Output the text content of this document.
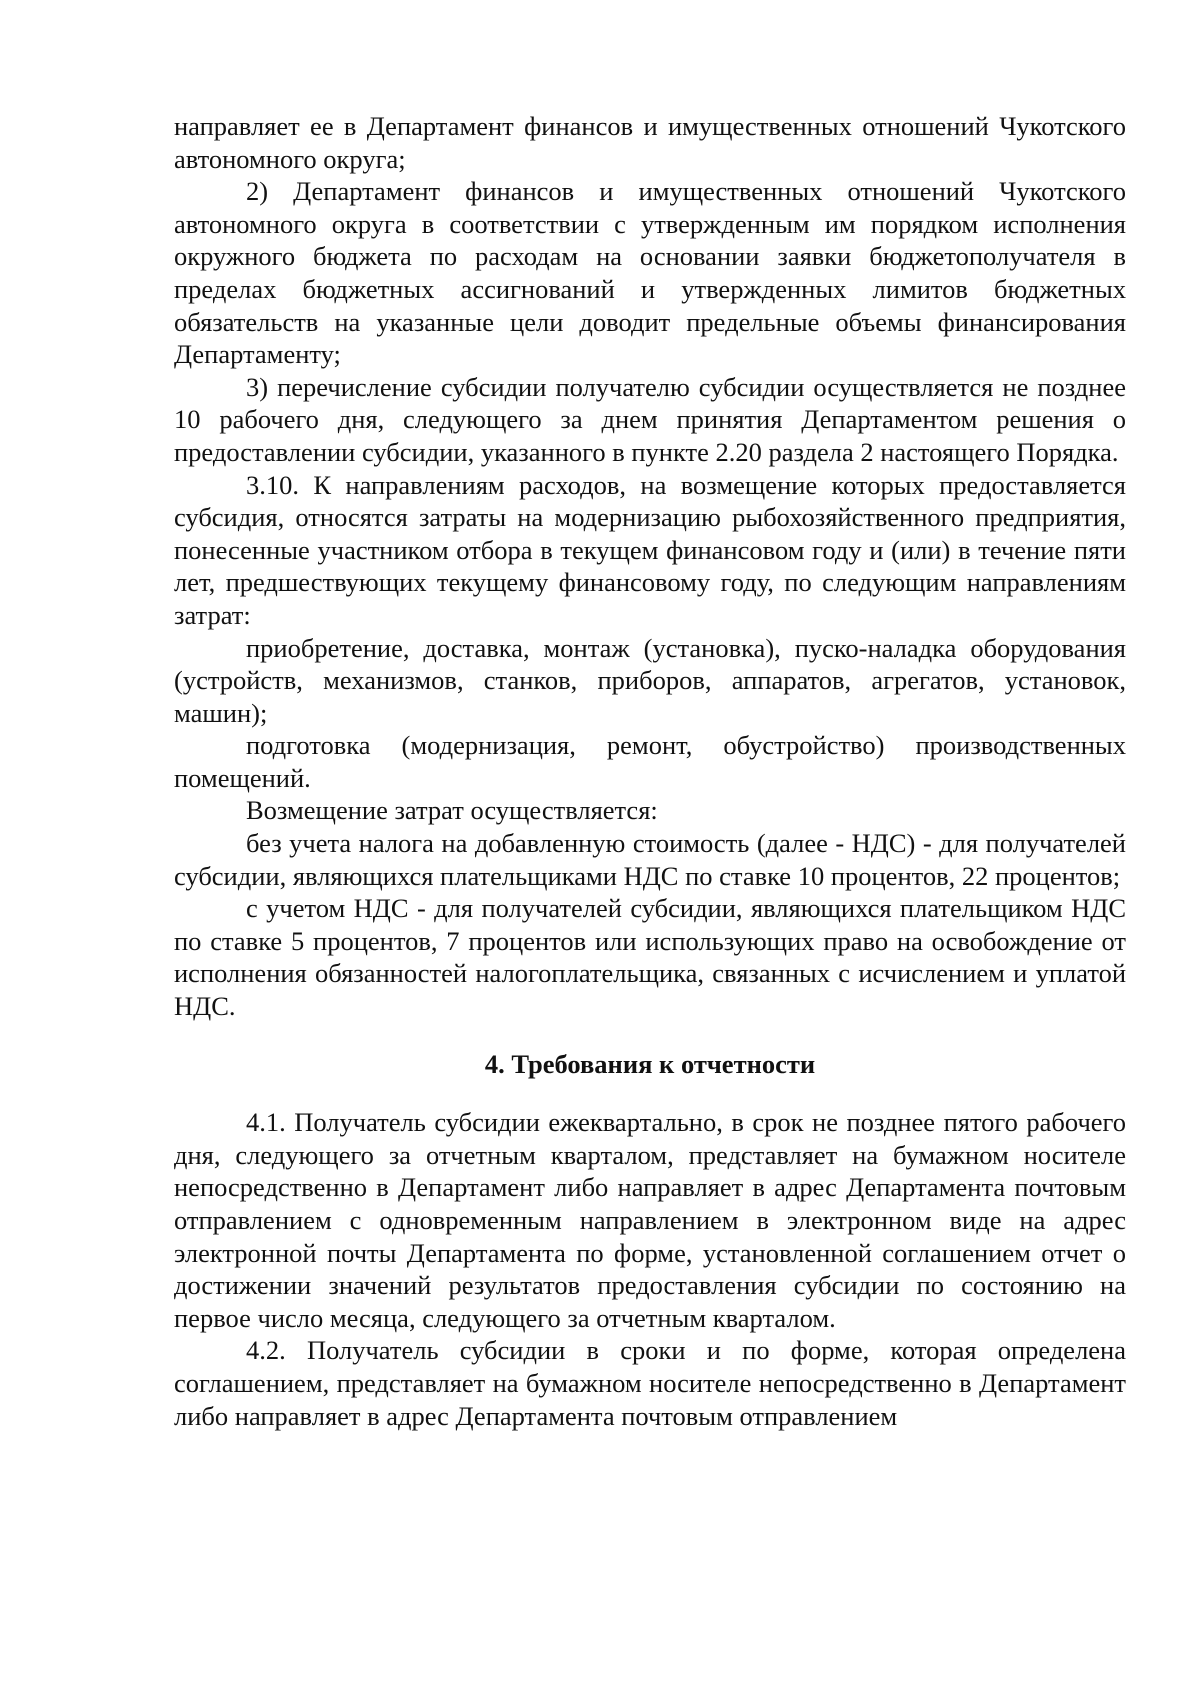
направляет ее в Департамент финансов и имущественных отношений Чукотского автономного округа;

2) Департамент финансов и имущественных отношений Чукотского автономного округа в соответствии с утвержденным им порядком исполнения окружного бюджета по расходам на основании заявки бюджетополучателя в пределах бюджетных ассигнований и утвержденных лимитов бюджетных обязательств на указанные цели доводит предельные объемы финансирования Департаменту;

3) перечисление субсидии получателю субсидии осуществляется не позднее 10 рабочего дня, следующего за днем принятия Департаментом решения о предоставлении субсидии, указанного в пункте 2.20 раздела 2 настоящего Порядка.

3.10. К направлениям расходов, на возмещение которых предоставляется субсидия, относятся затраты на модернизацию рыбохозяйственного предприятия, понесенные участником отбора в текущем финансовом году и (или) в течение пяти лет, предшествующих текущему финансовому году, по следующим направлениям затрат:

приобретение, доставка, монтаж (установка), пуско-наладка оборудования (устройств, механизмов, станков, приборов, аппаратов, агрегатов, установок, машин);

подготовка (модернизация, ремонт, обустройство) производственных помещений.

Возмещение затрат осуществляется:

без учета налога на добавленную стоимость (далее - НДС) - для получателей субсидии, являющихся плательщиками НДС по ставке 10 процентов, 22 процентов;

с учетом НДС - для получателей субсидии, являющихся плательщиком НДС по ставке 5 процентов, 7 процентов или использующих право на освобождение от исполнения обязанностей налогоплательщика, связанных с исчислением и уплатой НДС.

4. Требования к отчетности

4.1. Получатель субсидии ежеквартально, в срок не позднее пятого рабочего дня, следующего за отчетным кварталом, представляет на бумажном носителе непосредственно в Департамент либо направляет в адрес Департамента почтовым отправлением с одновременным направлением в электронном виде на адрес электронной почты Департамента по форме, установленной соглашением отчет о достижении значений результатов предоставления субсидии по состоянию на первое число месяца, следующего за отчетным кварталом.

4.2. Получатель субсидии в сроки и по форме, которая определена соглашением, представляет на бумажном носителе непосредственно в Департамент либо направляет в адрес Департамента почтовым отправлением
